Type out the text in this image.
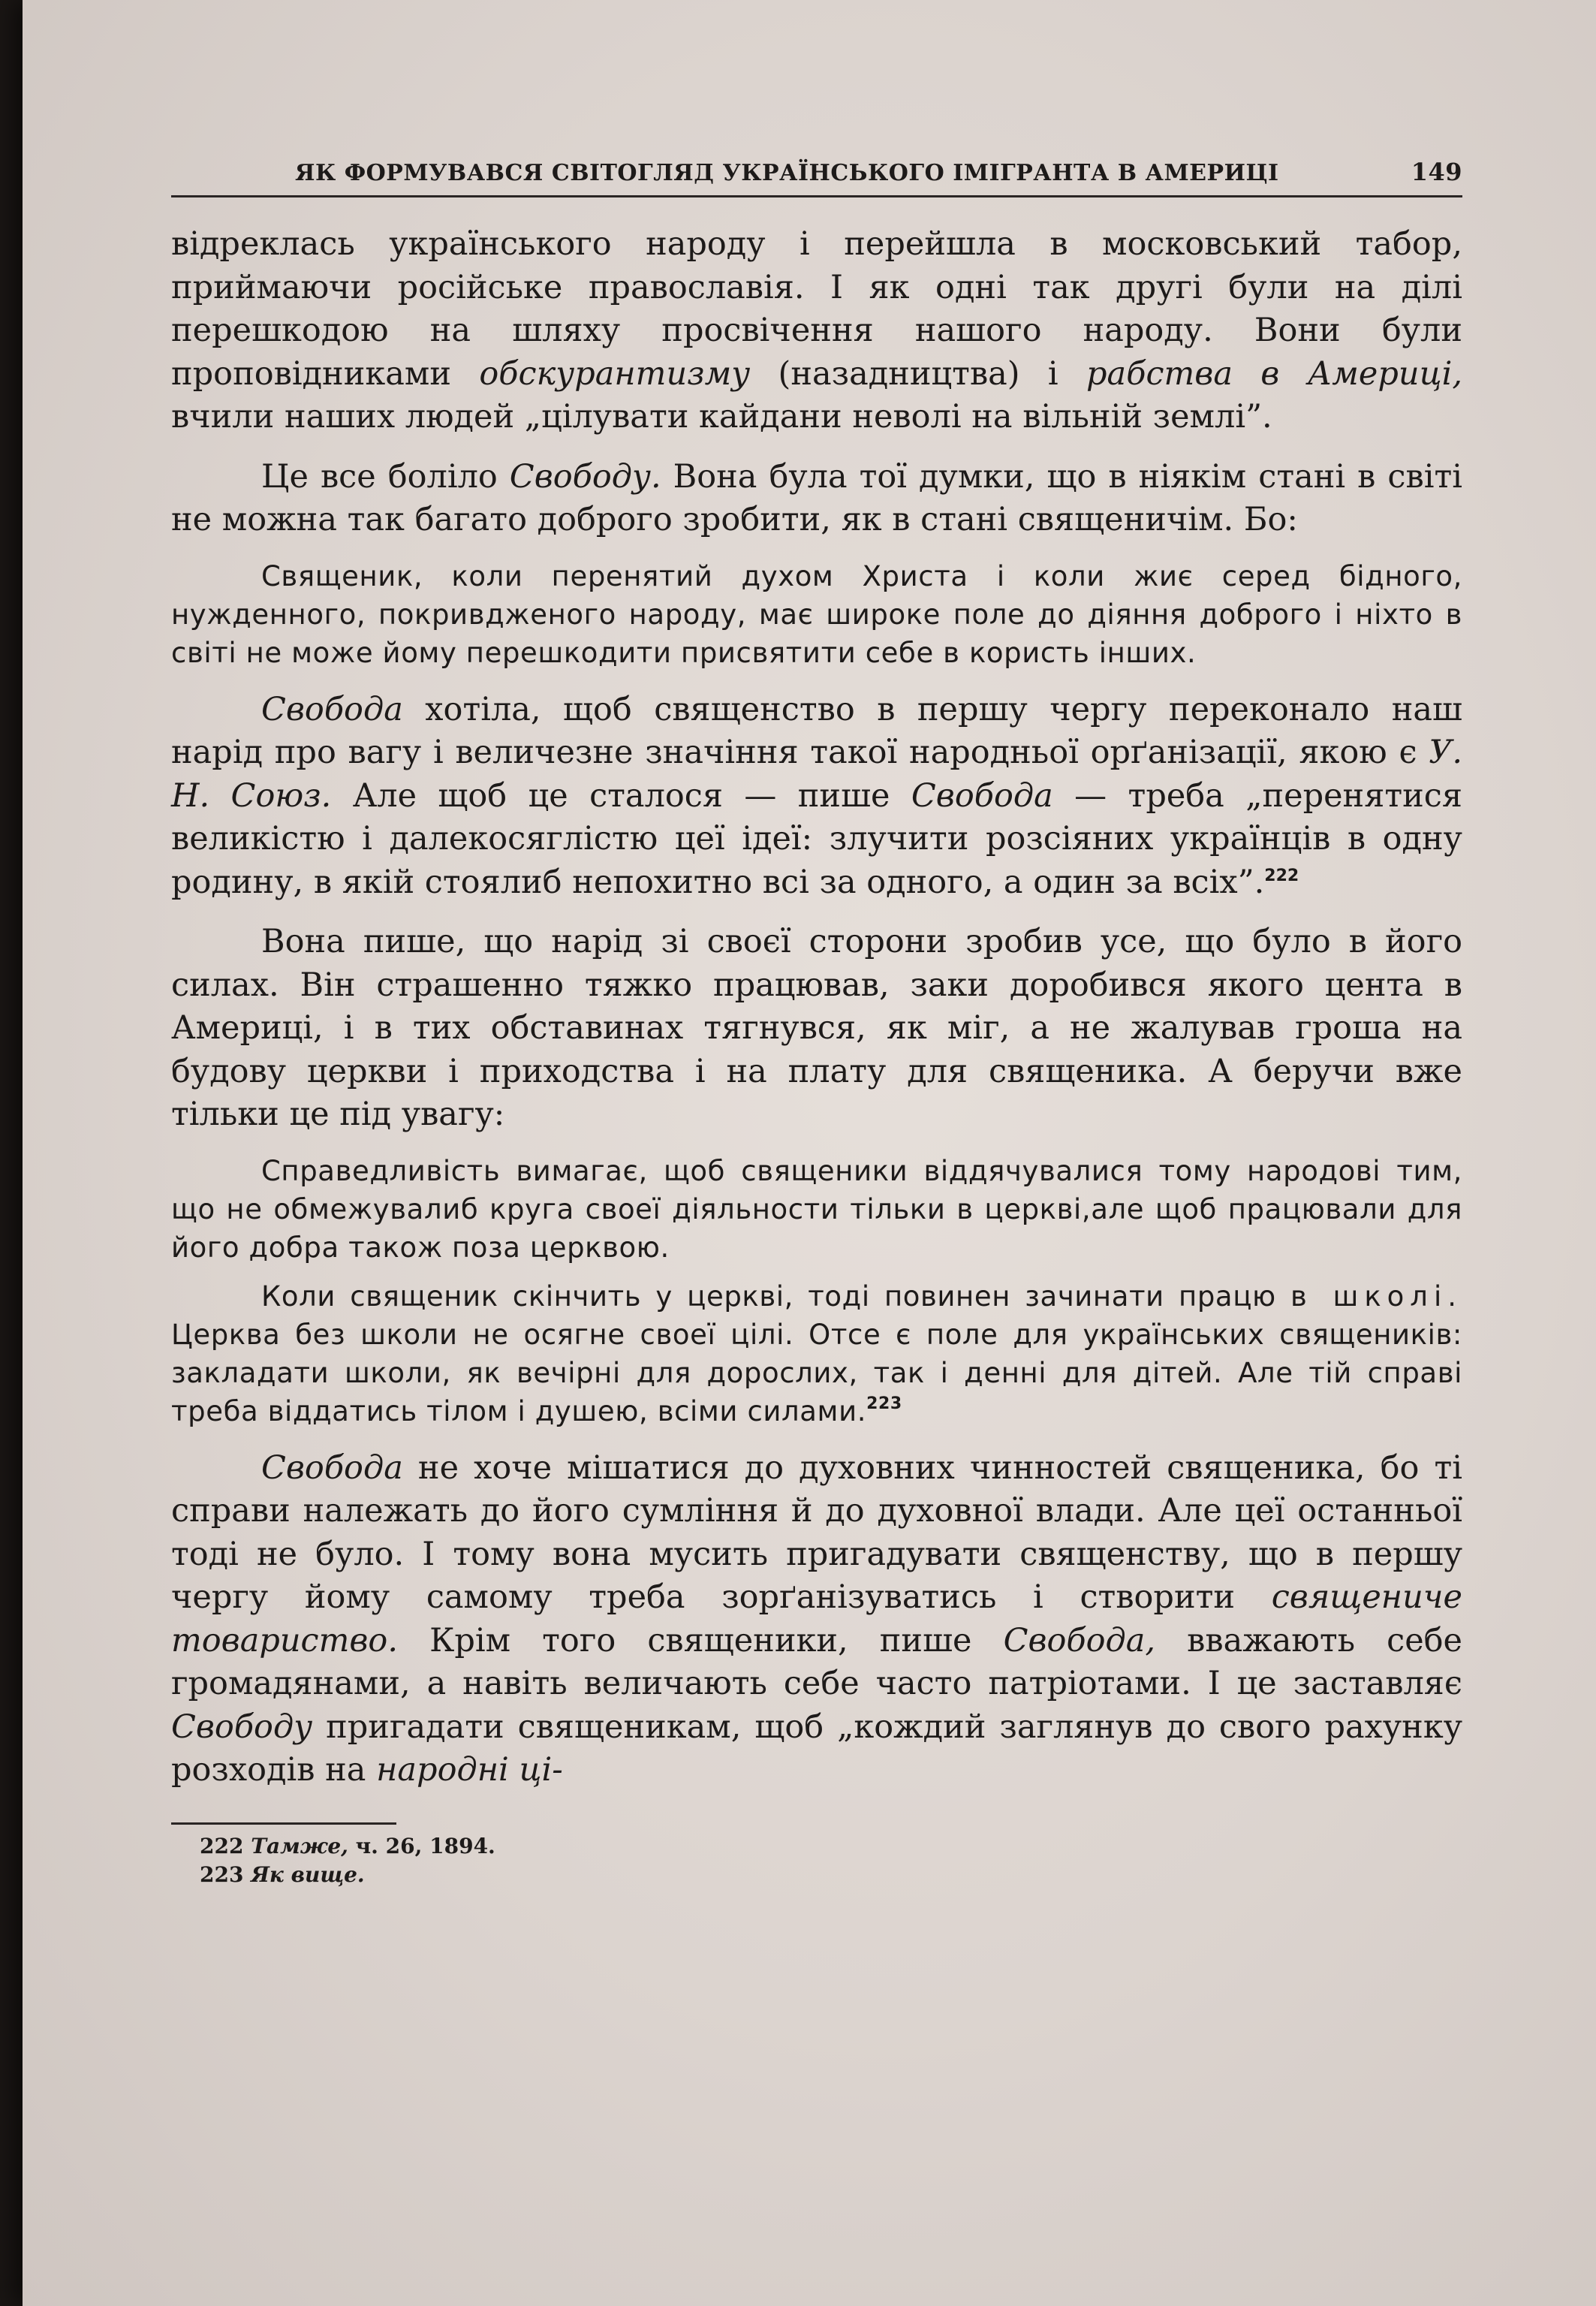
ЯК ФОРМУВАВСЯ СВІТОГЛЯД УКРАЇНСЬКОГО ІМІГРАНТА В АМЕРИЦІ	149

відреклась українського народу і перейшла в московський табор, приймаючи російське православія. І як одні так другі були на ділі перешкодою на шляху просвічення нашого народу. Вони були проповідниками обскурантизму (назадництва) і рабства в Америці, вчили наших людей „цілувати кайдани неволі на вільній землі”.

Це все боліло Свободу. Вона була тої думки, що в ніякім стані в світі не можна так багато доброго зробити, як в стані священичім. Бо:

Священик, коли перенятий духом Христа і коли жиє серед бідного, нужденного, покривдженого народу, має широке поле до діяння доброго і ніхто в світі не може йому перешкодити присвятити себе в користь інших.

Свобода хотіла, щоб священство в першу чергу переконало наш нарід про вагу і величезне значіння такої народньої орґанізації, якою є У. Н. Союз. Але щоб це сталося — пише Свобода — треба „перенятися великістю і далекосяглістю цеї ідеї: злучити розсіяних українців в одну родину, в якій стоялиб непохитно всі за одного, а один за всіх”.$^{222}$

Вона пише, що нарід зі своєї сторони зробив усе, що було в його силах. Він страшенно тяжко працював, заки доробився якого цента в Америці, і в тих обставинах тягнувся, як міг, а не жалував гроша на будову церкви і приходства і на плату для священика. А беручи вже тільки це під увагу:

Справедливість вимагає, щоб священики віддячувалися тому народові тим, що не обмежувалиб круга своеї діяльности тільки в церкві,але щоб працювали для його добра також поза церквою.

Коли священик скінчить у церкві, тоді повинен зачинати працю в школі. Церква без школи не осягне своеї цілі. Отсе є поле для українських священиків: закладати школи, як вечірні для дорослих, так і денні для дітей. Але тій справі треба віддатись тілом і душею, всіми силами.$^{223}$

Свобода не хоче мішатися до духовних чинностей священика, бо ті справи належать до його сумління й до духовної влади. Але цеї останньої тоді не було. І тому вона мусить пригадувати священству, що в першу чергу йому самому треба зорґанізуватись і створити священиче товариство. Крім того священики, пише Свобода, вважають себе громадянами, а навіть величають себе часто патріотами. І це заставляє Свободу пригадати священикам, щоб „кождий заглянув до свого рахунку розходів на народні ці-

222 Тамже, ч. 26, 1894.

223 Як вище.
